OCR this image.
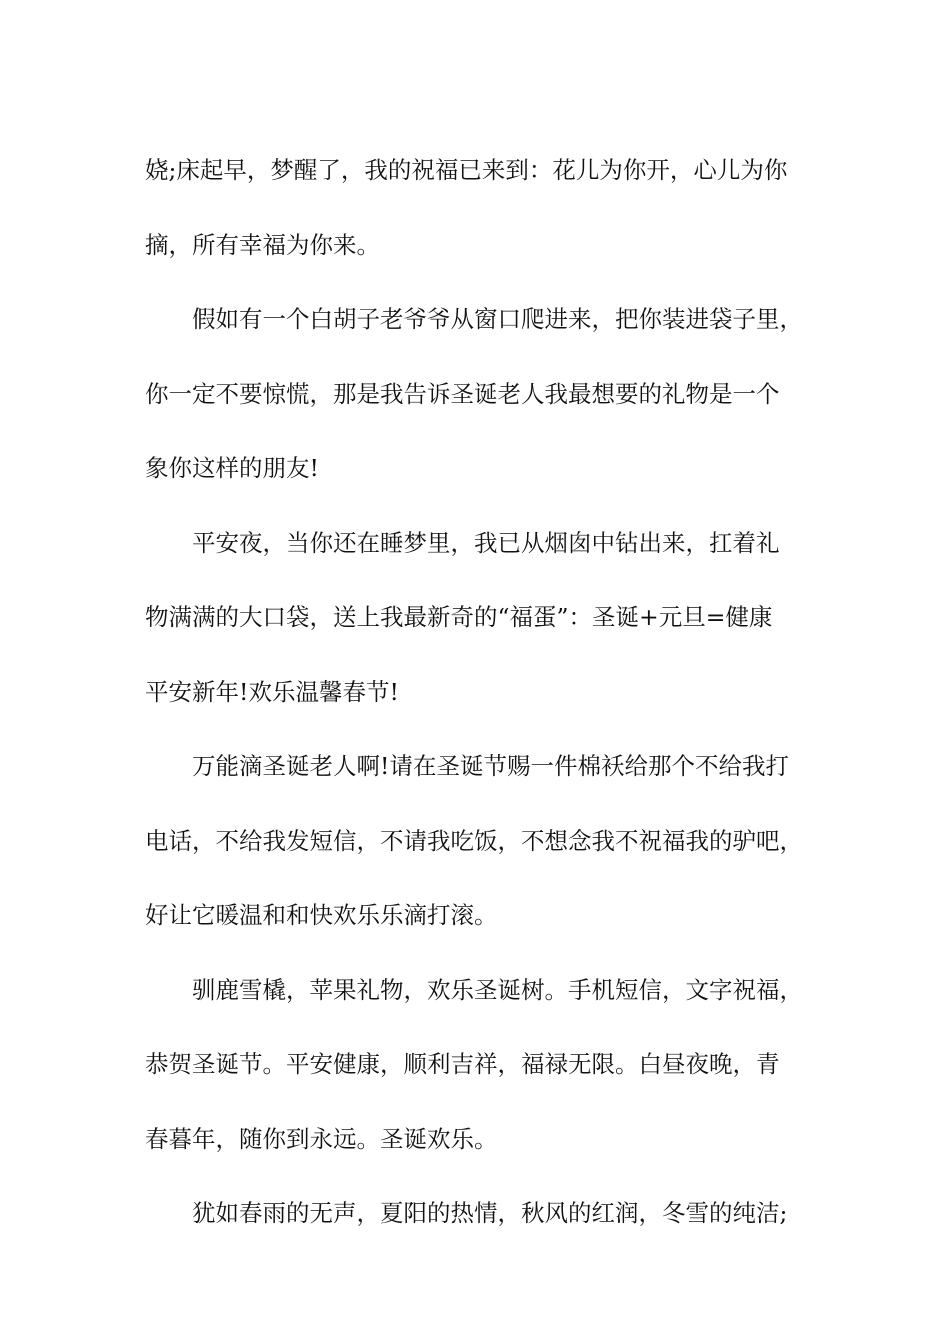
娆;床起早，梦醒了，我的祝福已来到：花儿为你开，心儿为你
摘，所有幸福为你来。
假如有一个白胡子老爷爷从窗口爬进来，把你装进袋子里，
你一定不要惊慌，那是我告诉圣诞老人我最想要的礼物是一个
象你这样的朋友!
平安夜，当你还在睡梦里，我已从烟囱中钻出来，扛着礼
物满满的大口袋，送上我最新奇的“福蛋”：圣诞+元旦=健康
平安新年!欢乐温馨春节!
万能滴圣诞老人啊!请在圣诞节赐一件棉袄给那个不给我打
电话，不给我发短信，不请我吃饭，不想念我不祝福我的驴吧，
好让它暖温和和快欢乐乐滴打滚。
驯鹿雪橇，苹果礼物，欢乐圣诞树。手机短信，文字祝福，
恭贺圣诞节。平安健康，顺利吉祥，福禄无限。白昼夜晚，青
春暮年，随你到永远。圣诞欢乐。
犹如春雨的无声，夏阳的热情，秋风的红润，冬雪的纯洁;
